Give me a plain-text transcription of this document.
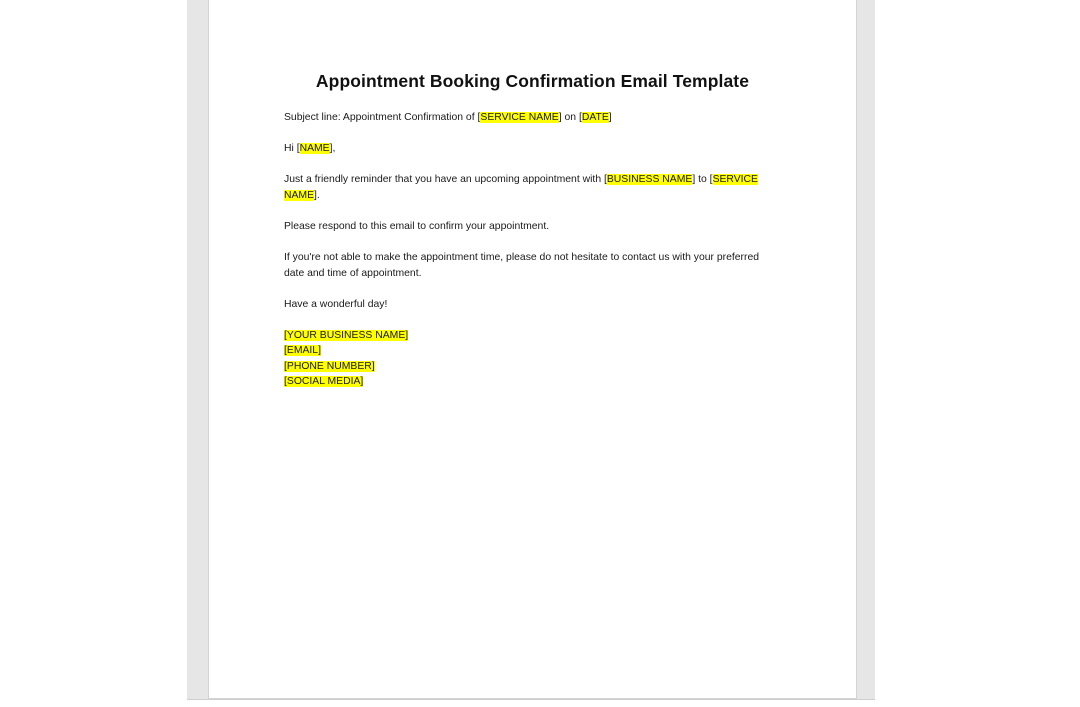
Appointment Booking Confirmation Email Template

Subject line: Appointment Confirmation of [SERVICE NAME] on [DATE]

Hi [NAME],

Just a friendly reminder that you have an upcoming appointment with [BUSINESS NAME] to [SERVICE
NAME].

Please respond to this email to confirm your appointment.

If you're not able to make the appointment time, please do not hesitate to contact us with your preferred date and time of appointment.

Have a wonderful day!

[YOUR BUSINESS NAME]
[EMAIL]
[PHONE NUMBER]
[SOCIAL MEDIA]
